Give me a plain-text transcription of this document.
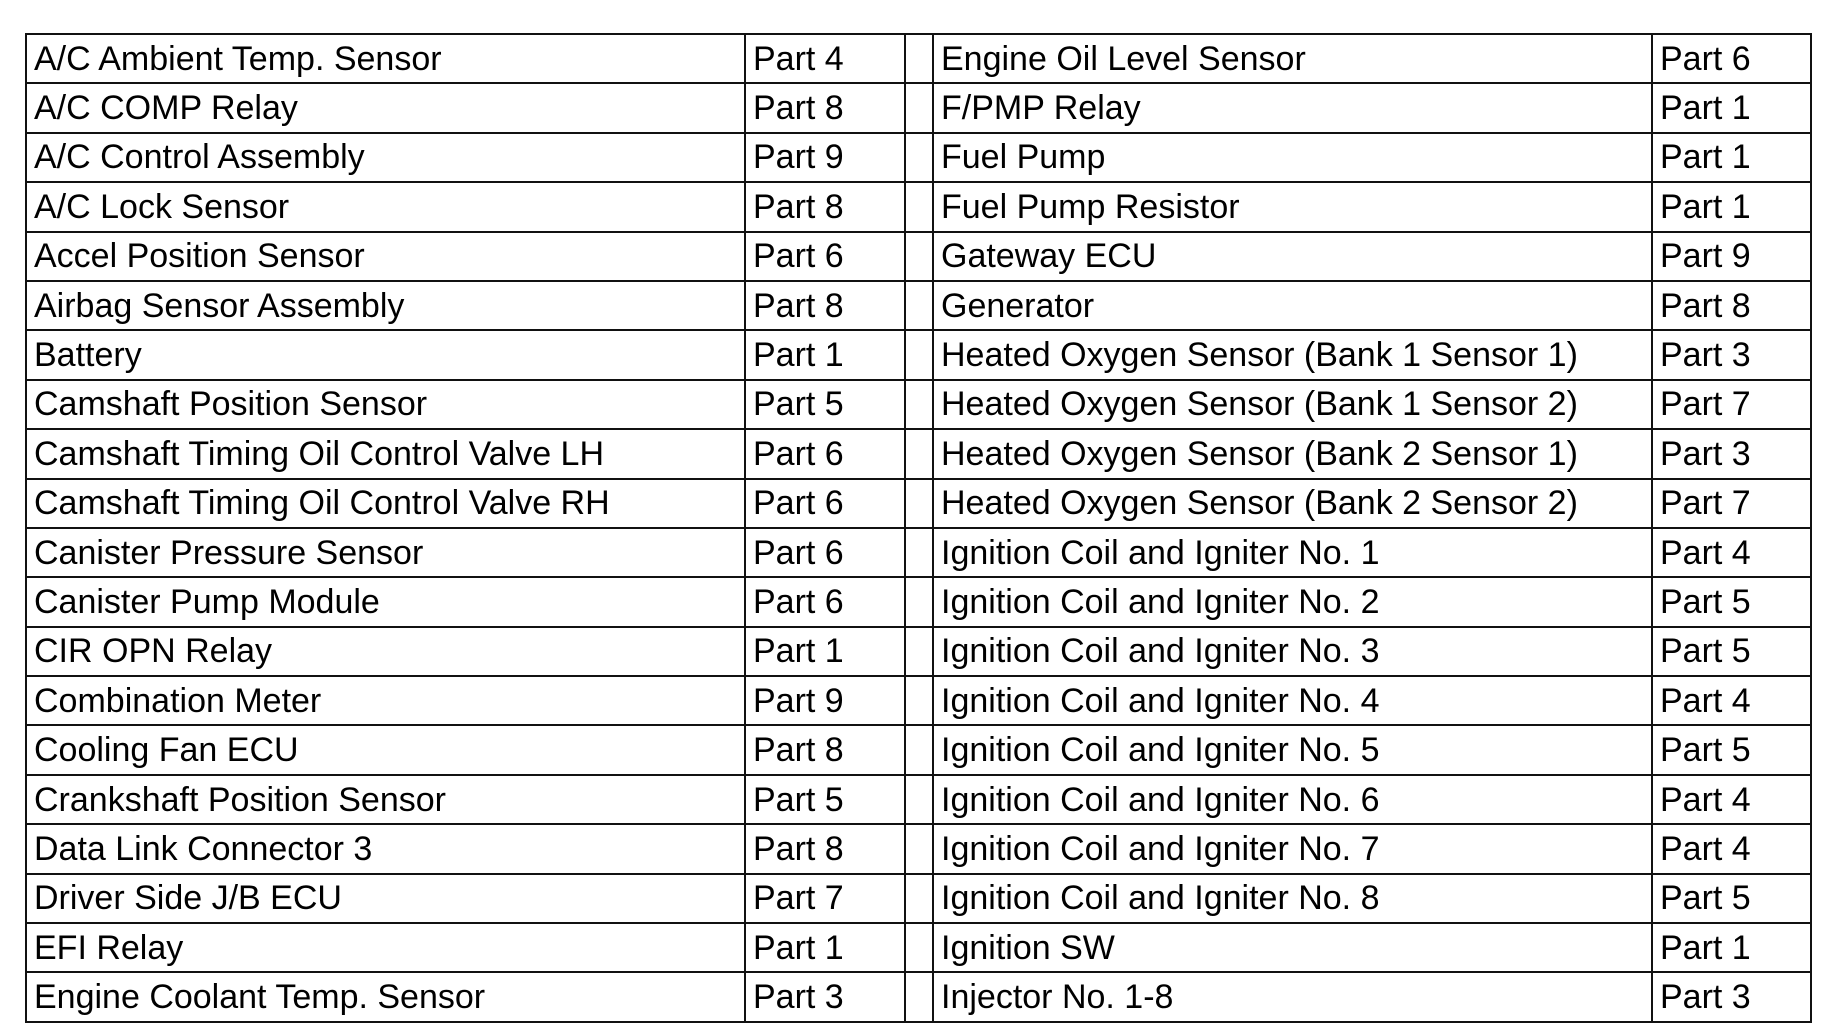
A/C Ambient Temp. Sensor	Part 4		Engine Oil Level Sensor	Part 6
A/C COMP Relay	Part 8		F/PMP Relay	Part 1
A/C Control Assembly	Part 9		Fuel Pump	Part 1
A/C Lock Sensor	Part 8		Fuel Pump Resistor	Part 1
Accel Position Sensor	Part 6		Gateway ECU	Part 9
Airbag Sensor Assembly	Part 8		Generator	Part 8
Battery	Part 1		Heated Oxygen Sensor (Bank 1 Sensor 1)	Part 3
Camshaft Position Sensor	Part 5		Heated Oxygen Sensor (Bank 1 Sensor 2)	Part 7
Camshaft Timing Oil Control Valve LH	Part 6		Heated Oxygen Sensor (Bank 2 Sensor 1)	Part 3
Camshaft Timing Oil Control Valve RH	Part 6		Heated Oxygen Sensor (Bank 2 Sensor 2)	Part 7
Canister Pressure Sensor	Part 6		Ignition Coil and Igniter No. 1	Part 4
Canister Pump Module	Part 6		Ignition Coil and Igniter No. 2	Part 5
CIR OPN Relay	Part 1		Ignition Coil and Igniter No. 3	Part 5
Combination Meter	Part 9		Ignition Coil and Igniter No. 4	Part 4
Cooling Fan ECU	Part 8		Ignition Coil and Igniter No. 5	Part 5
Crankshaft Position Sensor	Part 5		Ignition Coil and Igniter No. 6	Part 4
Data Link Connector 3	Part 8		Ignition Coil and Igniter No. 7	Part 4
Driver Side J/B ECU	Part 7		Ignition Coil and Igniter No. 8	Part 5
EFI Relay	Part 1		Ignition SW	Part 1
Engine Coolant Temp. Sensor	Part 3		Injector No. 1-8	Part 3
